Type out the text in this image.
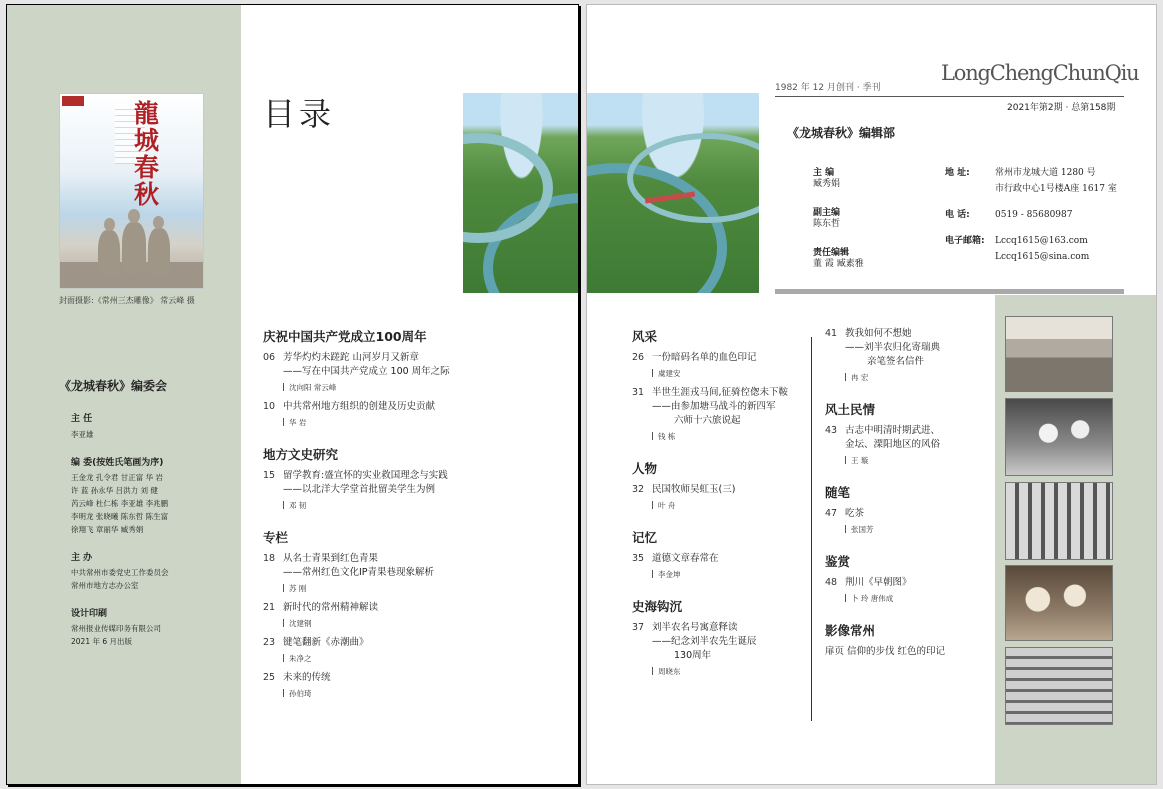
龍城春秋
封面摄影:《常州三杰雕像》 常云峰 摄
《龙城春秋》编委会
主 任
李亚雄
编 委(按姓氏笔画为序)
王金龙 孔令君 甘正富 华 岩
许 蓝 孙永华 吕洪力 刘 健
芮云峰 杜仁栋 李亚雄 李兆鹏
李明龙 张晓曦 陈东哲 陈生富
徐翔飞 章丽华 臧秀娟
主 办
中共常州市委党史工作委员会
常州市地方志办公室
设计印刷
常州报业传媒印务有限公司
2021 年 6 月出版
目录
庆祝中国共产党成立100周年
06 芳华灼灼未蹉跎 山河岁月又新章
——写在中国共产党成立 100 周年之际
沈向阳 常云峰
10 中共常州地方组织的创建及历史贡献
华 岩
地方文史研究
15 留学教育:盛宣怀的实业救国理念与实践
——以北洋大学堂首批留美学生为例
邓 韧
专栏
18 从名士青果到红色青果
——常州红色文化IP青果巷现象解析
苏 刚
21 新时代的常州精神解读
沈建钢
23 键笔翻新《赤潮曲》
朱净之
25 未来的传统
孙伯琦
1982 年 12 月创刊 · 季刊
LongChengChunQiu
2021年第2期 · 总第158期
《龙城春秋》编辑部
主 编
臧秀娟
副主编
陈东哲
责任编辑
董 霞 臧素雅
地 址:	常州市龙城大道 1280 号
市行政中心1号楼A座 1617 室
电 话:	0519 - 85680987
电子邮箱:	Lccq1615@163.com
Lccq1615@sina.com
风采
26 一份暗码名单的血色印记
虞建安
31 半世生涯戎马间,征骑倥偬未下鞍
——由参加塘马战斗的新四军
六师十六旅说起
钱 栋
人物
32 民国牧师吴虹玉(三)
叶 舟
记忆
35 道德文章春常在
李金坤
史海钩沉
37 刘半农名号寓意释读
——纪念刘半农先生诞辰
130周年
周晓东
41 教我如何不想她
——刘半农归化寄瑞典
亲笔签名信件
冉 宏
风土民情
43 古志中明清时期武进、
金坛、溧阳地区的风俗
王 璇
随笔
47 吃茶
张国芳
鉴赏
48 荆川《早朝图》
卜 玲 唐伟成
影像常州
扉页 信仰的步伐 红色的印记
